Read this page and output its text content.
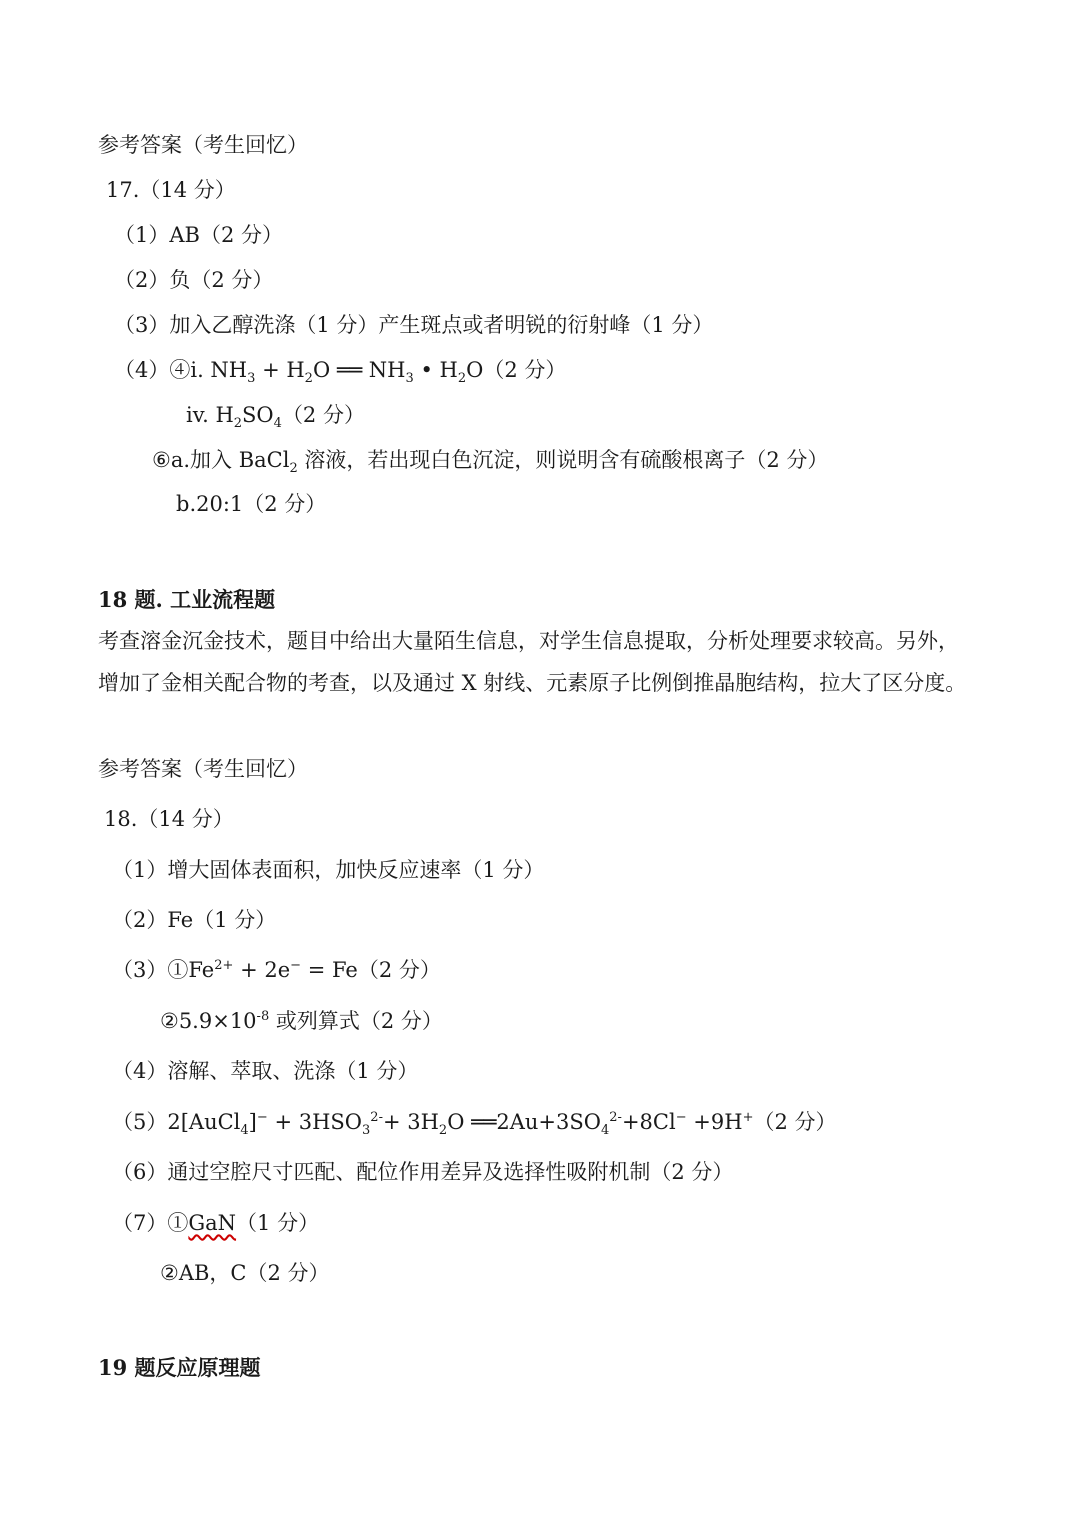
参考答案（考生回忆）
17.（14 分）
（1）AB（2 分）
（2）负（2 分）
（3）加入乙醇洗涤（1 分）产生斑点或者明锐的衍射峰（1 分）
（4）④i. $NH_3 + H_2O$ ══ $NH_3$ • $H_2O(2$ 分）
iv. $H_2SO_4(2$ 分）
⑥a.加入 BaCl$_2$ 溶液，若出现白色沉淀，则说明含有硫酸根离子（2 分）
b.20:1（2 分）
18 题. 工业流程题
考查溶金沉金技术，题目中给出大量陌生信息，对学生信息提取，分析处理要求较高。另外，增加了金相关配合物的考查，以及通过 X 射线、元素原子比例倒推晶胞结构，拉大了区分度。
参考答案（考生回忆）
18.（14 分）
（1）增大固体表面积，加快反应速率（1 分）
（2）Fe（1 分）
$(3)①Fe^{2+} + 2e^- = Fe(2$ 分）
$②5.9\times 10^{-8}$ 或列算式（2 分）
（4）溶解、萃取、洗涤（1 分）
（5）2[AuCl$_4$]− + $3HSO_3^{2-}+ 3H_2O$ $══2Au+3SO_4^{2-}+8Cl^- +9H^+(2$ 分）
（6）通过空腔尺寸匹配、配位作用差异及选择性吸附机制（2 分）
（7）①GaN（1 分）
②AB，C（2 分）
19 题反应原理题
